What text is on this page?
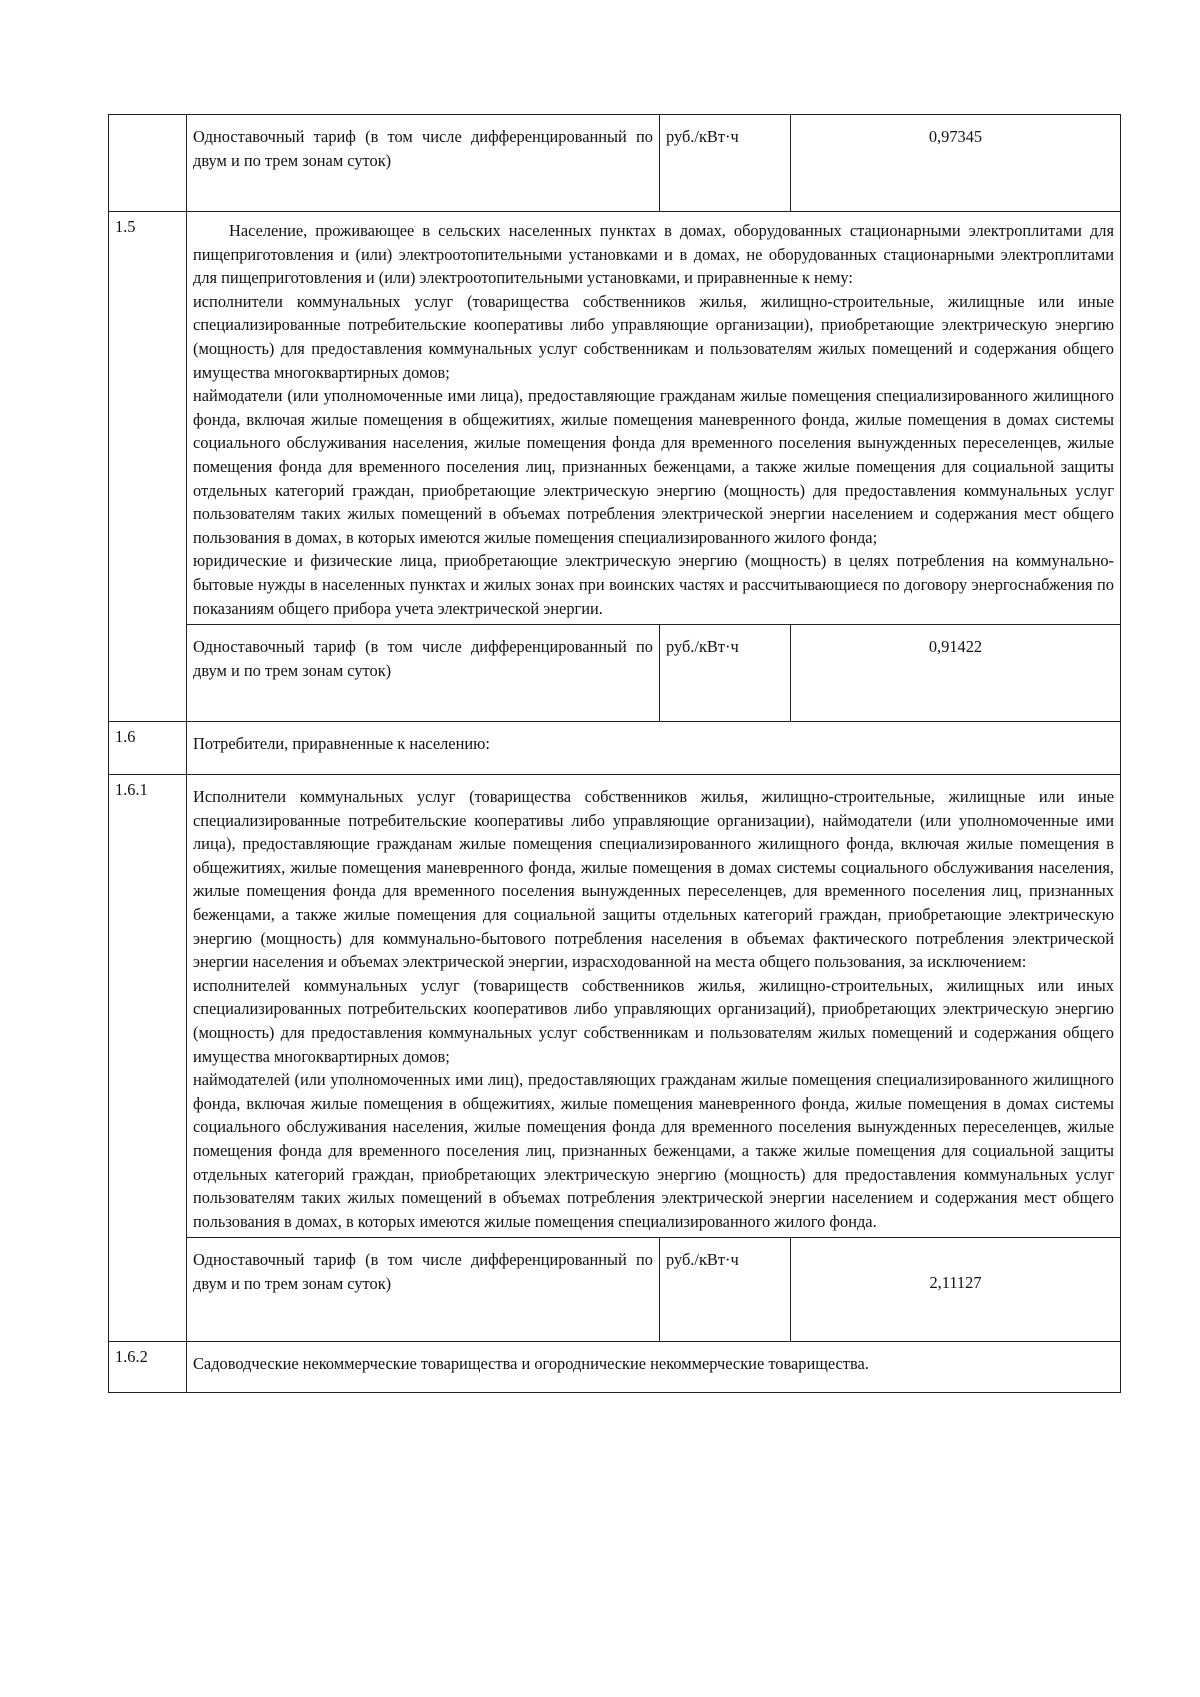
	Одноставочный тариф (в том числе дифференцированный по двум и по трем зонам суток)	руб./кВт·ч	0,97345
1.5	Население, проживающее в сельских населенных пунктах в домах, оборудованных стационарными электроплитами для пищеприготовления и (или) электроотопительными установками и в домах, не оборудованных стационарными электроплитами для пищеприготовления и (или) электроотопительными установками, и приравненные к нему:

исполнители коммунальных услуг (товарищества собственников жилья, жилищно-строительные, жилищные или иные специализированные потребительские кооперативы либо управляющие организации), приобретающие электрическую энергию (мощность) для предоставления коммунальных услуг собственникам и пользователям жилых помещений и содержания общего имущества многоквартирных домов;

наймодатели (или уполномоченные ими лица), предоставляющие гражданам жилые помещения специализированного жилищного фонда, включая жилые помещения в общежитиях, жилые помещения маневренного фонда, жилые помещения в домах системы социального обслуживания населения, жилые помещения фонда для временного поселения вынужденных переселенцев, жилые помещения фонда для временного поселения лиц, признанных беженцами, а также жилые помещения для социальной защиты отдельных категорий граждан, приобретающие электрическую энергию (мощность) для предоставления коммунальных услуг пользователям таких жилых помещений в объемах потребления электрической энергии населением и содержания мест общего пользования в домах, в которых имеются жилые помещения специализированного жилого фонда;

юридические и физические лица, приобретающие электрическую энергию (мощность) в целях потребления на коммунально-бытовые нужды в населенных пунктах и жилых зонах при воинских частях и рассчитывающиеся по договору энергоснабжения по показаниям общего прибора учета электрической энергии.		

	Одноставочный тариф (в том числе дифференцированный по двум и по трем зонам суток)	руб./кВт·ч	0,91422
1.6	Потребители, приравненные к населению:		
1.6.1	Исполнители коммунальных услуг (товарищества собственников жилья, жилищно-строительные, жилищные или иные специализированные потребительские кооперативы либо управляющие организации), наймодатели (или уполномоченные ими лица), предоставляющие гражданам жилые помещения специализированного жилищного фонда, включая жилые помещения в общежитиях, жилые помещения маневренного фонда, жилые помещения в домах системы социального обслуживания населения, жилые помещения фонда для временного поселения вынужденных переселенцев, для временного поселения лиц, признанных беженцами, а также жилые помещения для социальной защиты отдельных категорий граждан, приобретающие электрическую энергию (мощность) для коммунально-бытового потребления населения в объемах фактического потребления электрической энергии населения и объемах электрической энергии, израсходованной на места общего пользования, за исключением:

исполнителей коммунальных услуг (товариществ собственников жилья, жилищно-строительных, жилищных или иных специализированных потребительских кооперативов либо управляющих организаций), приобретающих электрическую энергию (мощность) для предоставления коммунальных услуг собственникам и пользователям жилых помещений и содержания общего имущества многоквартирных домов;

наймодателей (или уполномоченных ими лиц), предоставляющих гражданам жилые помещения специализированного жилищного фонда, включая жилые помещения в общежитиях, жилые помещения маневренного фонда, жилые помещения в домах системы социального обслуживания населения, жилые помещения фонда для временного поселения вынужденных переселенцев, жилые помещения фонда для временного поселения лиц, признанных беженцами, а также жилые помещения для социальной защиты отдельных категорий граждан, приобретающих электрическую энергию (мощность) для предоставления коммунальных услуг пользователям таких жилых помещений в объемах потребления электрической энергии населением и содержания мест общего пользования в домах, в которых имеются жилые помещения специализированного жилого фонда.		

	Одноставочный тариф (в том числе дифференцированный по двум и по трем зонам суток)	руб./кВт·ч	2,11127
1.6.2	Садоводческие некоммерческие товарищества и огороднические некоммерческие товарищества.		
